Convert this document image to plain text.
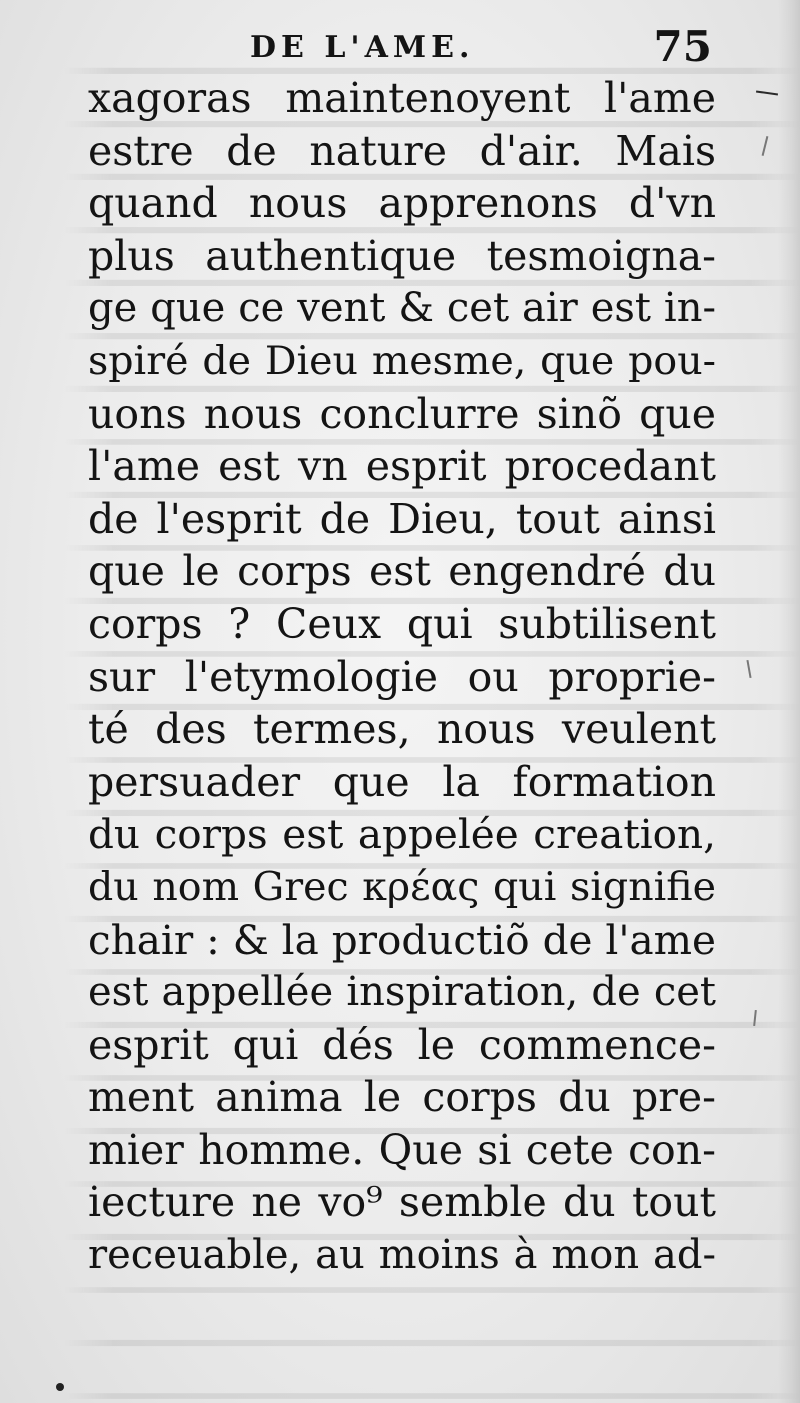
DE L'AME.	75
xagoras maintenoyent l'ame
estre de nature d'air. Mais
quand nous apprenons d'vn
plus authentique tesmoigna-
ge que ce vent & cet air est in-
spiré de Dieu mesme, que pou-
uons nous conclurre sinõ que
l'ame est vn esprit procedant
de l'esprit de Dieu, tout ainsi
que le corps est engendré du
corps ? Ceux qui subtilisent
sur l'etymologie ou proprie-
té des termes, nous veulent
persuader que la formation
du corps est appelée creation,
du nom Grec κρέας qui signifie
chair : & la productiõ de l'ame
est appellée inspiration, de cet
esprit qui dés le commence-
ment anima le corps du pre-
mier homme. Que si cete con-
iecture ne vo⁹ semble du tout
receuable, au moins à mon ad-
